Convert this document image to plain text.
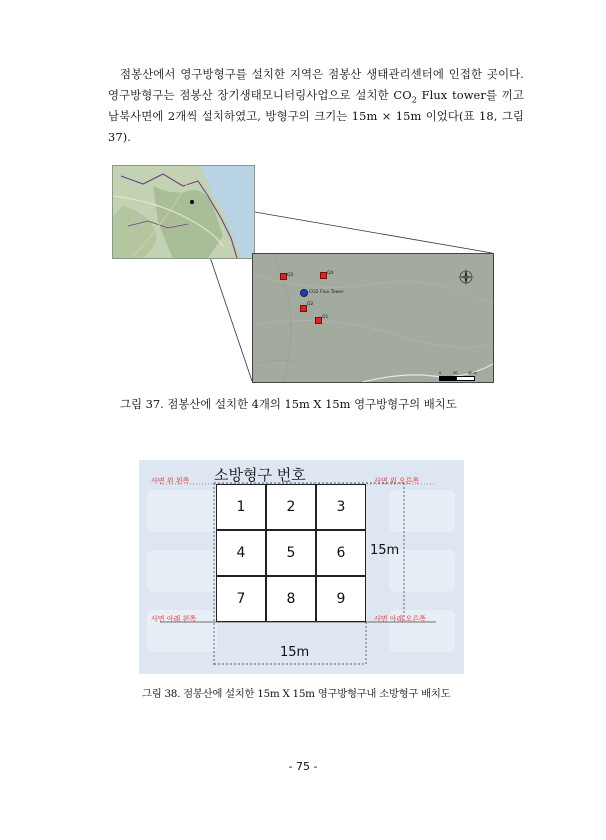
점봉산에서 영구방형구를 설치한 지역은 점봉산 생태관리센터에 인접한 곳이다. 영구방형구는 점봉산 장기생태모니터링사업으로 설치한 $CO_2$ Flux tower를 끼고 남북사면에 2개씩 설치하였고, 방형구의 크기는 15m × 15m 이었다(표 18, 그림 37).
Q3	Q4
CO2 Flux Tower
Q2
Q1
0	20	40 m
그림 37. 점봉산에 설치한 4개의 15m X 15m 영구방형구의 배치도
소방형구 번호
1	2	3
4	5	6
7	8	9
사면 위 왼쪽	사면 위 오른쪽
사면 아래 왼쪽	사면 아래 오른쪽
15m
15m
그림 38. 점봉산에 설치한 15m X 15m 영구방형구내 소방형구 배치도
- 75 -
